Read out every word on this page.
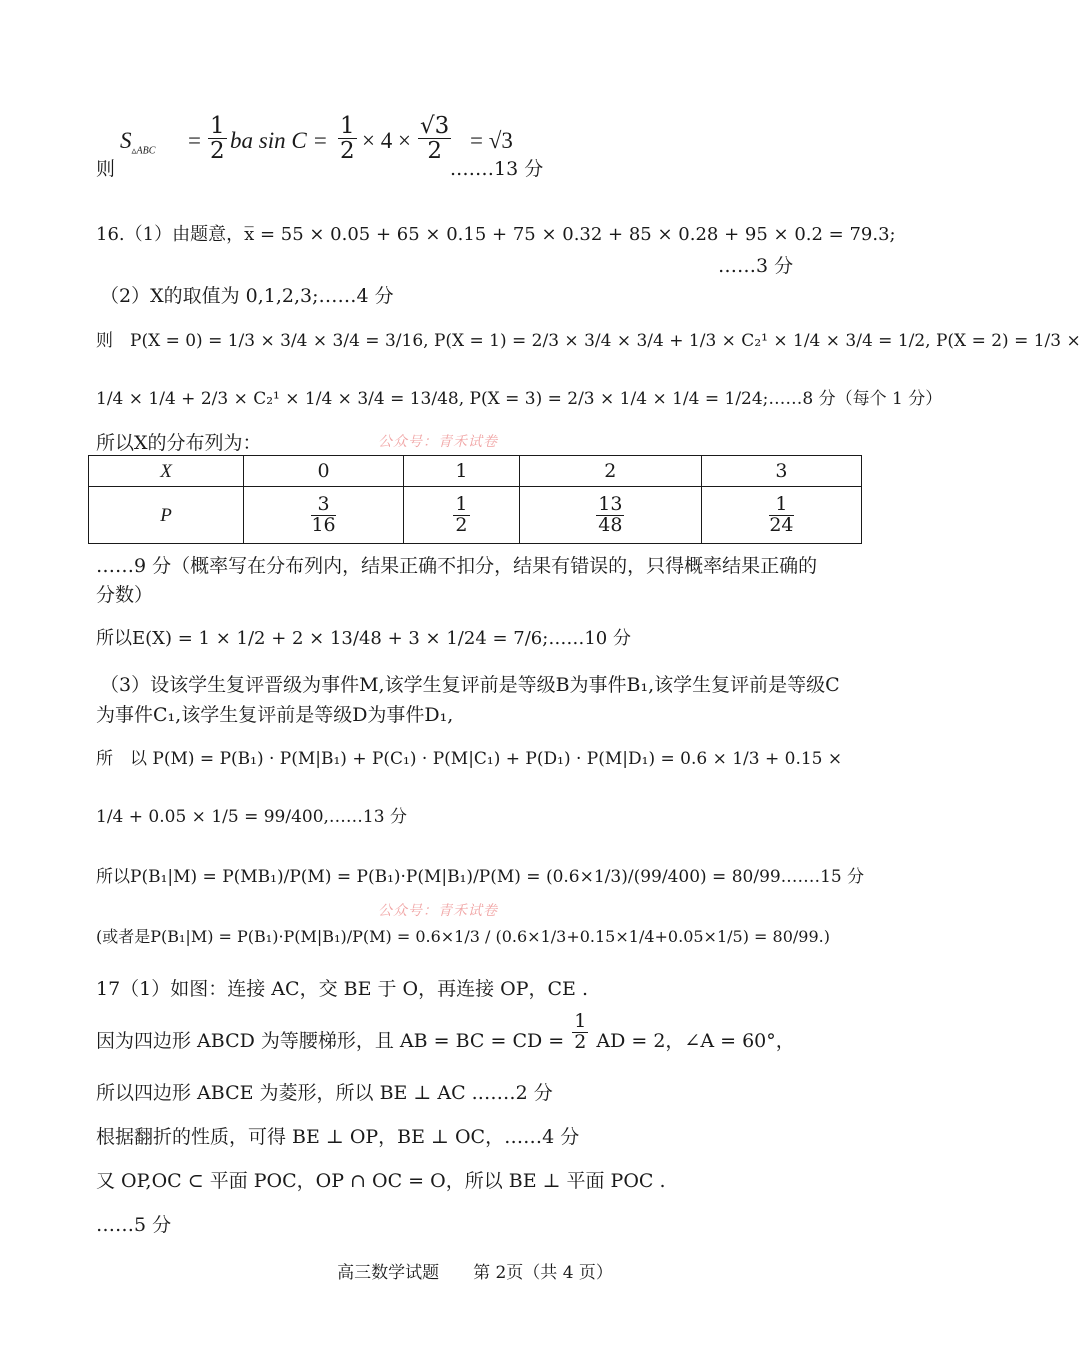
则
$S_{▵ABC} = \frac{1}{2}$ ba $\sin C = \frac{1}{2} \times 4 \times \frac{√3}{2} = √3$
.……13 分
16.（1）由题意，x̅ = 55 × 0.05 + 65 × 0.15 + 75 × 0.32 + 85 × 0.28 + 95 × 0.2 = 79.3;
……3 分
（2）X的取值为 0,1,2,3;……4 分
则　P(X = 0) = 1/3 × 3/4 × 3/4 = 3/16, P(X = 1) = 2/3 × 3/4 × 3/4 + 1/3 × C₂¹ × 1/4 × 3/4 = 1/2, P(X = 2) = 1/3 ×
1/4 × 1/4 + 2/3 × C₂¹ × 1/4 × 3/4 = 13/48, P(X = 3) = 2/3 × 1/4 × 1/4 = 1/24;……8 分（每个 1 分）
所以X的分布列为：	公众号：青禾试卷
X	0	1	2	3
P	$\frac{3}{16}$	$\frac{1}{2}$	$\frac{13}{48}$	$\frac{1}{24}$
……9 分（概率写在分布列内，结果正确不扣分，结果有错误的，只得概率结果正确的
分数）
所以E(X) = 1 × 1/2 + 2 × 13/48 + 3 × 1/24 = 7/6;……10 分
（3）设该学生复评晋级为事件M,该学生复评前是等级B为事件B₁,该学生复评前是等级C
为事件C₁,该学生复评前是等级D为事件D₁,
所　以 P(M) = P(B₁) · P(M|B₁) + P(C₁) · P(M|C₁) + P(D₁) · P(M|D₁) = 0.6 × 1/3 + 0.15 ×
1/4 + 0.05 × 1/5 = 99/400,……13 分
所以P(B₁|M) = P(MB₁)/P(M) = P(B₁)·P(M|B₁)/P(M) = (0.6×1/3)/(99/400) = 80/99.……15 分
公众号：青禾试卷
(或者是P(B₁|M) = P(B₁)·P(M|B₁)/P(M) = 0.6×1/3 / (0.6×1/3+0.15×1/4+0.05×1/5) = 80/99.)
17（1）如图：连接 AC，交 BE 于 O，再连接 OP，CE .
因为四边形 ABCD 为等腰梯形，且 AB = BC = CD = $\frac{1}{2}$ AD = 2，∠A = 60°，
所以四边形 ABCE 为菱形，所以 BE ⊥ AC .……2 分
根据翻折的性质，可得 BE ⊥ OP，BE ⊥ OC，……4 分
又 OP,OC ⊂ 平面 POC，OP ∩ OC = O，所以 BE ⊥ 平面 POC .
……5 分
高三数学试题　　第 2页（共 4 页）
